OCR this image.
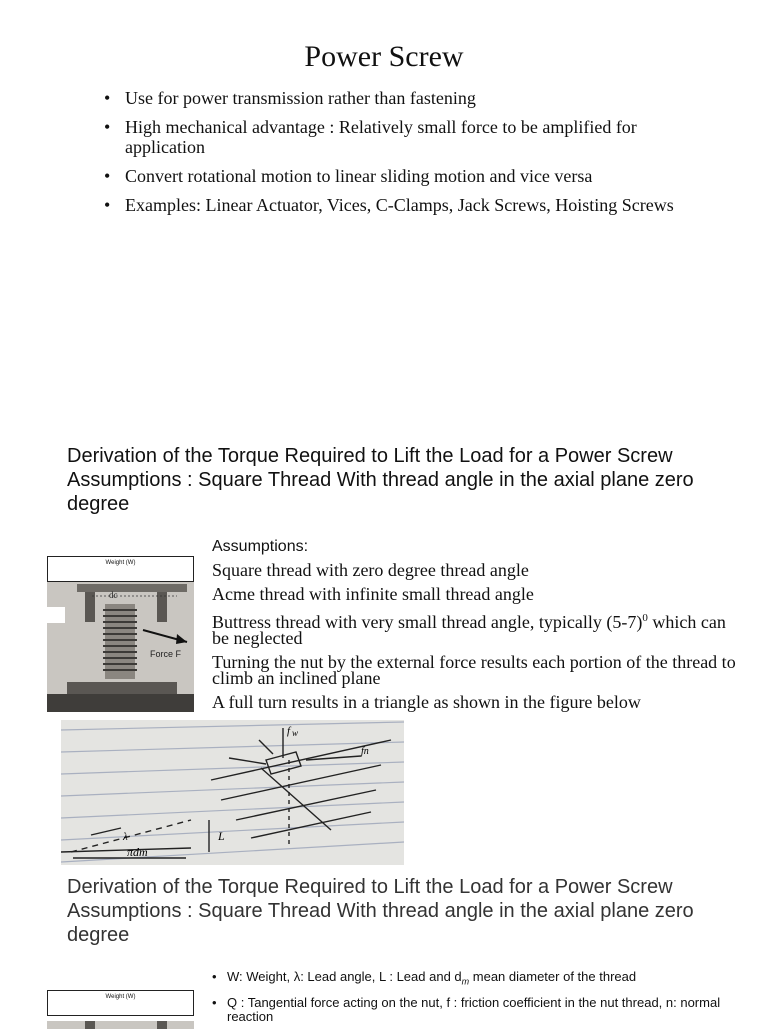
Power Screw
• Use for power transmission rather than fastening
• High mechanical advantage : Relatively small force to be amplified for application
• Convert rotational motion to linear sliding motion and vice versa
• Examples: Linear Actuator, Vices, C-Clamps, Jack Screws, Hoisting Screws
Derivation of the Torque Required to Lift the Load for a Power Screw Assumptions : Square Thread With thread angle in the axial plane zero degree
Weight (W)
dc
Force F
Assumptions:
Square thread with zero degree thread angle
Acme thread with infinite small thread angle
Buttress thread with very small thread angle, typically $(5-7)^0$ which can be neglected
Turning the nut by the external force results each portion of the thread to climb an inclined plane
A full turn results in a triangle as shown in the figure below
f w
fn
λ	L
πdm
Derivation of the Torque Required to Lift the Load for a Power Screw Assumptions : Square Thread With thread angle in the axial plane zero degree
• W: Weight, λ: Lead angle, L : Lead and $d_m$ mean diameter of the thread
• Q : Tangential force acting on the nut, f : friction coefficient in the nut thread, n: normal reaction
Weight (W)
